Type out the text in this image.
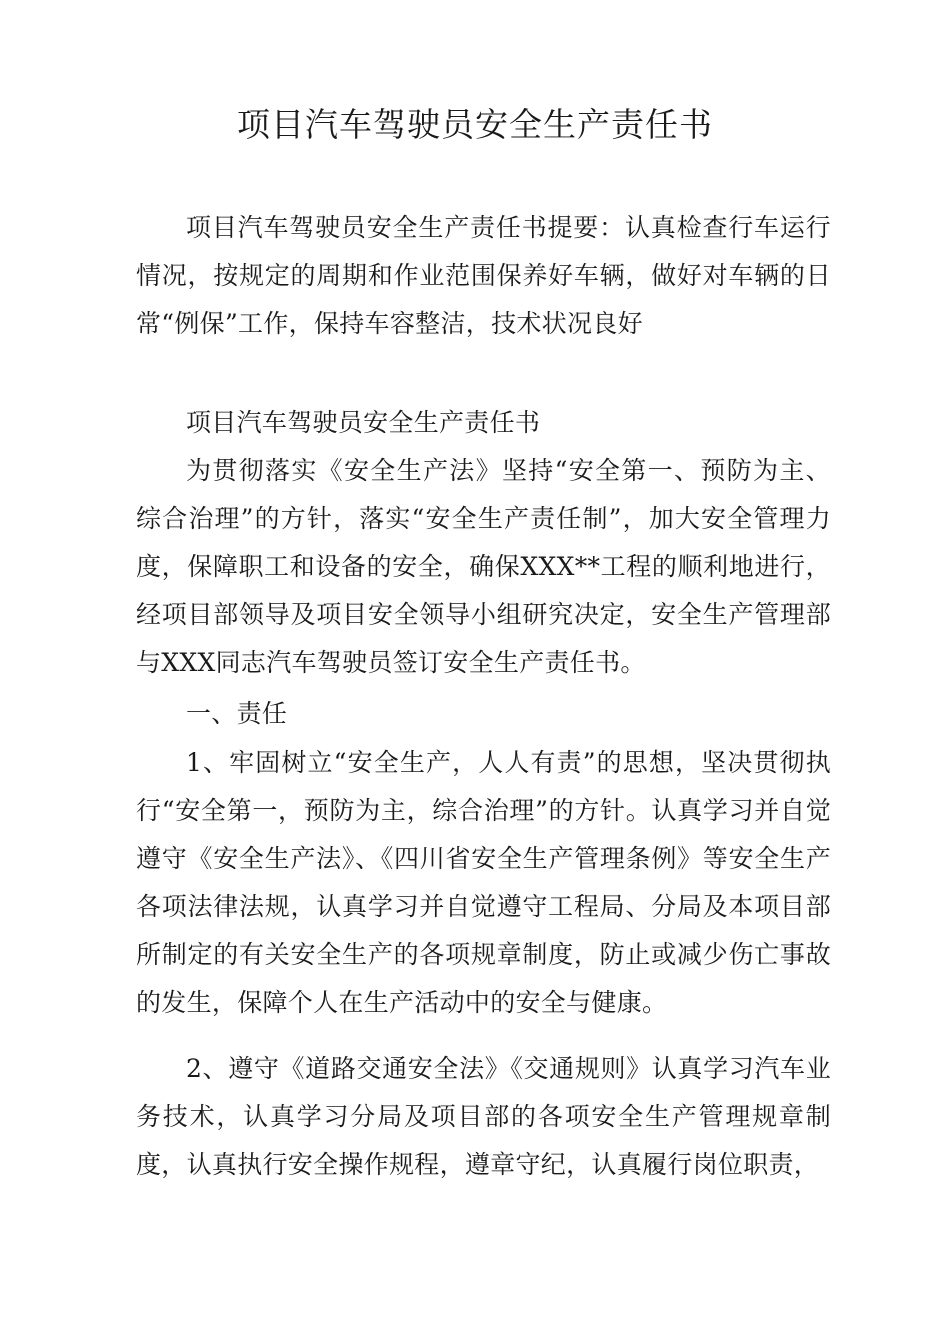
项目汽车驾驶员安全生产责任书

项目汽车驾驶员安全生产责任书提要：认真检查行车运行情况，按规定的周期和作业范围保养好车辆，做好对车辆的日常“例保”工作，保持车容整洁，技术状况良好

项目汽车驾驶员安全生产责任书

为贯彻落实《安全生产法》坚持“安全第一、预防为主、综合治理”的方针，落实“安全生产责任制”，加大安全管理力度，保障职工和设备的安全，确保XXX**工程的顺利地进行，经项目部领导及项目安全领导小组研究决定，安全生产管理部与XXX同志汽车驾驶员签订安全生产责任书。

一、责任

1、牢固树立“安全生产，人人有责”的思想，坚决贯彻执行“安全第一，预防为主，综合治理”的方针。认真学习并自觉遵守《安全生产法》、《四川省安全生产管理条例》等安全生产各项法律法规，认真学习并自觉遵守工程局、分局及本项目部所制定的有关安全生产的各项规章制度，防止或减少伤亡事故的发生，保障个人在生产活动中的安全与健康。

2、遵守《道路交通安全法》《交通规则》认真学习汽车业务技术，认真学习分局及项目部的各项安全生产管理规章制度，认真执行安全操作规程，遵章守纪，认真履行岗位职责，
